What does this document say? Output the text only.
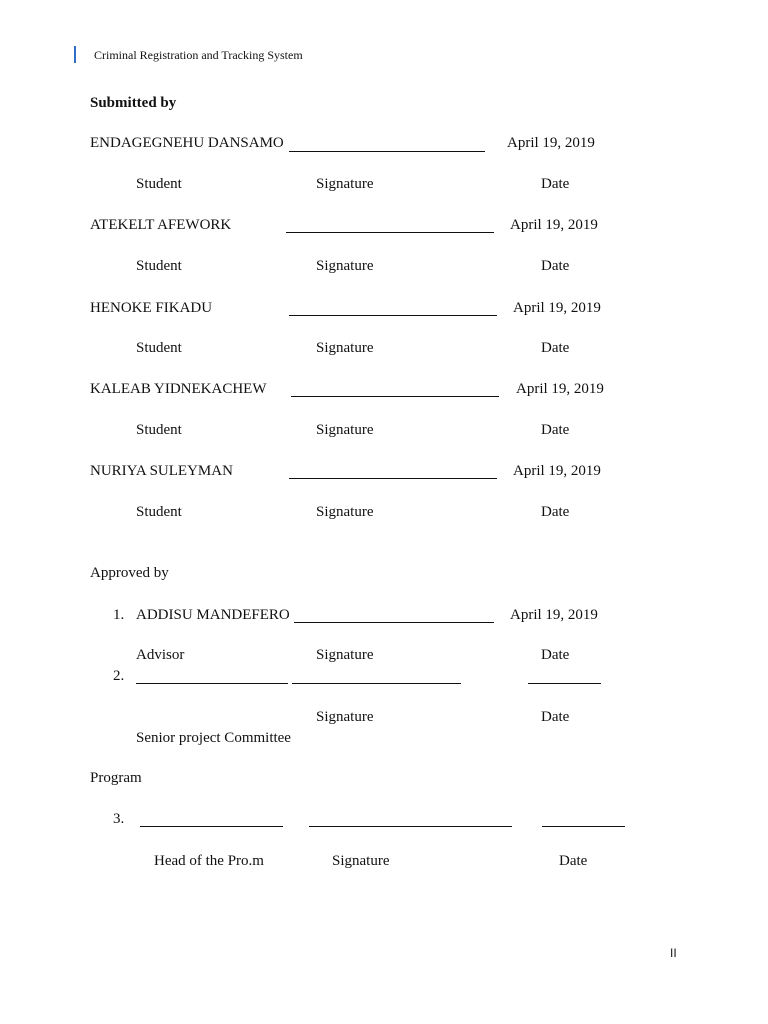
Criminal Registration and Tracking System
Submitted by
ENDAGEGNEHU DANSAMO	April 19, 2019
Student	Signature	Date
ATEKELT AFEWORK	April 19, 2019
Student	Signature	Date
HENOKE FIKADU	April 19, 2019
Student	Signature	Date
KALEAB YIDNEKACHEW	April 19, 2019
Student	Signature	Date
NURIYA SULEYMAN	April 19, 2019
Student	Signature	Date
Approved by
1. ADDISU MANDEFERO	April 19, 2019
Advisor	Signature	Date
2.
Signature	Date
Senior project Committee
Program
3.
Head of the Pro.m	Signature	Date
II
